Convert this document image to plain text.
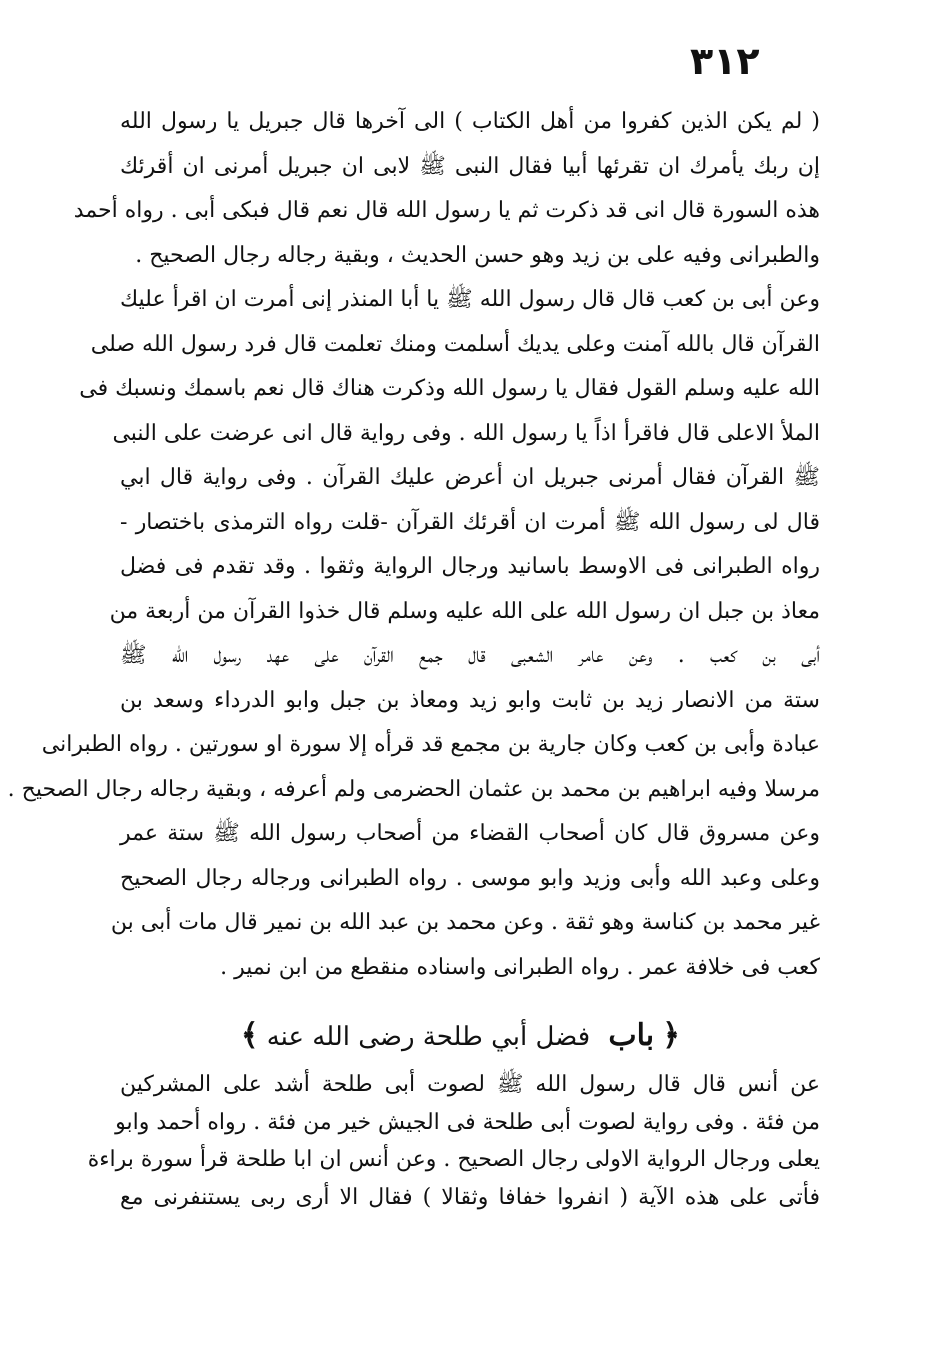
٣١٢
( لم يكن الذين كفروا من أهل الكتاب ) الى آخرها قال جبريل يا رسول الله
إن ربك يأمرك ان تقرئها أبيا فقال النبى ﷺ لابى ان جبريل أمرنى ان أقرئك
هذه السورة قال انى قد ذكرت ثم يا رسول الله قال نعم قال فبكى أبى . رواه أحمد
والطبرانى وفيه على بن زيد وهو حسن الحديث ، وبقية رجاله رجال الصحيح .
وعن أبى بن كعب قال قال رسول الله ﷺ يا أبا المنذر إنى أمرت ان اقرأ عليك
القرآن قال بالله آمنت وعلى يديك أسلمت ومنك تعلمت قال فرد رسول الله صلى
الله عليه وسلم القول فقال يا رسول الله وذكرت هناك قال نعم باسمك ونسبك فى
الملأ الاعلى قال فاقرأ اذاً يا رسول الله . وفى رواية قال انى عرضت على النبى
ﷺ القرآن فقال أمرنى جبريل ان أعرض عليك القرآن . وفى رواية قال ابي
قال لى رسول الله ﷺ أمرت ان أقرئك القرآن -قلت رواه الترمذى باختصار -
رواه الطبرانى فى الاوسط باسانيد ورجال الرواية وثقوا . وقد تقدم فى فضل
معاذ بن جبل ان رسول الله على الله عليه وسلم قال خذوا القرآن من أربعة من
أبى بن كعب . وعن عامر الشعبى قال جمع القرآن على عهد رسول الله ﷺ
ستة من الانصار زيد بن ثابت وابو زيد ومعاذ بن جبل وابو الدرداء وسعد بن
عبادة وأبى بن كعب وكان جارية بن مجمع قد قرأه إلا سورة او سورتين . رواه الطبرانى
مرسلا وفيه ابراهيم بن محمد بن عثمان الحضرمى ولم أعرفه ، وبقية رجاله رجال الصحيح .
وعن مسروق قال كان أصحاب القضاء من أصحاب رسول الله ﷺ ستة عمر
وعلى وعبد الله وأبى وزيد وابو موسى . رواه الطبرانى ورجاله رجال الصحيح
غير محمد بن كناسة وهو ثقة . وعن محمد بن عبد الله بن نمير قال مات أبى بن
كعب فى خلافة عمر . رواه الطبرانى واسناده منقطع من ابن نمير .
﴿ باب فضل أبي طلحة رضى الله عنه ﴾
عن أنس قال قال رسول الله ﷺ لصوت أبى طلحة أشد على المشركين
من فئة . وفى رواية لصوت أبى طلحة فى الجيش خير من فئة . رواه أحمد وابو
يعلى ورجال الرواية الاولى رجال الصحيح . وعن أنس ان ابا طلحة قرأ سورة براءة
فأتى على هذه الآية ( انفروا خفافا وثقالا ) فقال الا أرى ربى يستنفرنى مع
